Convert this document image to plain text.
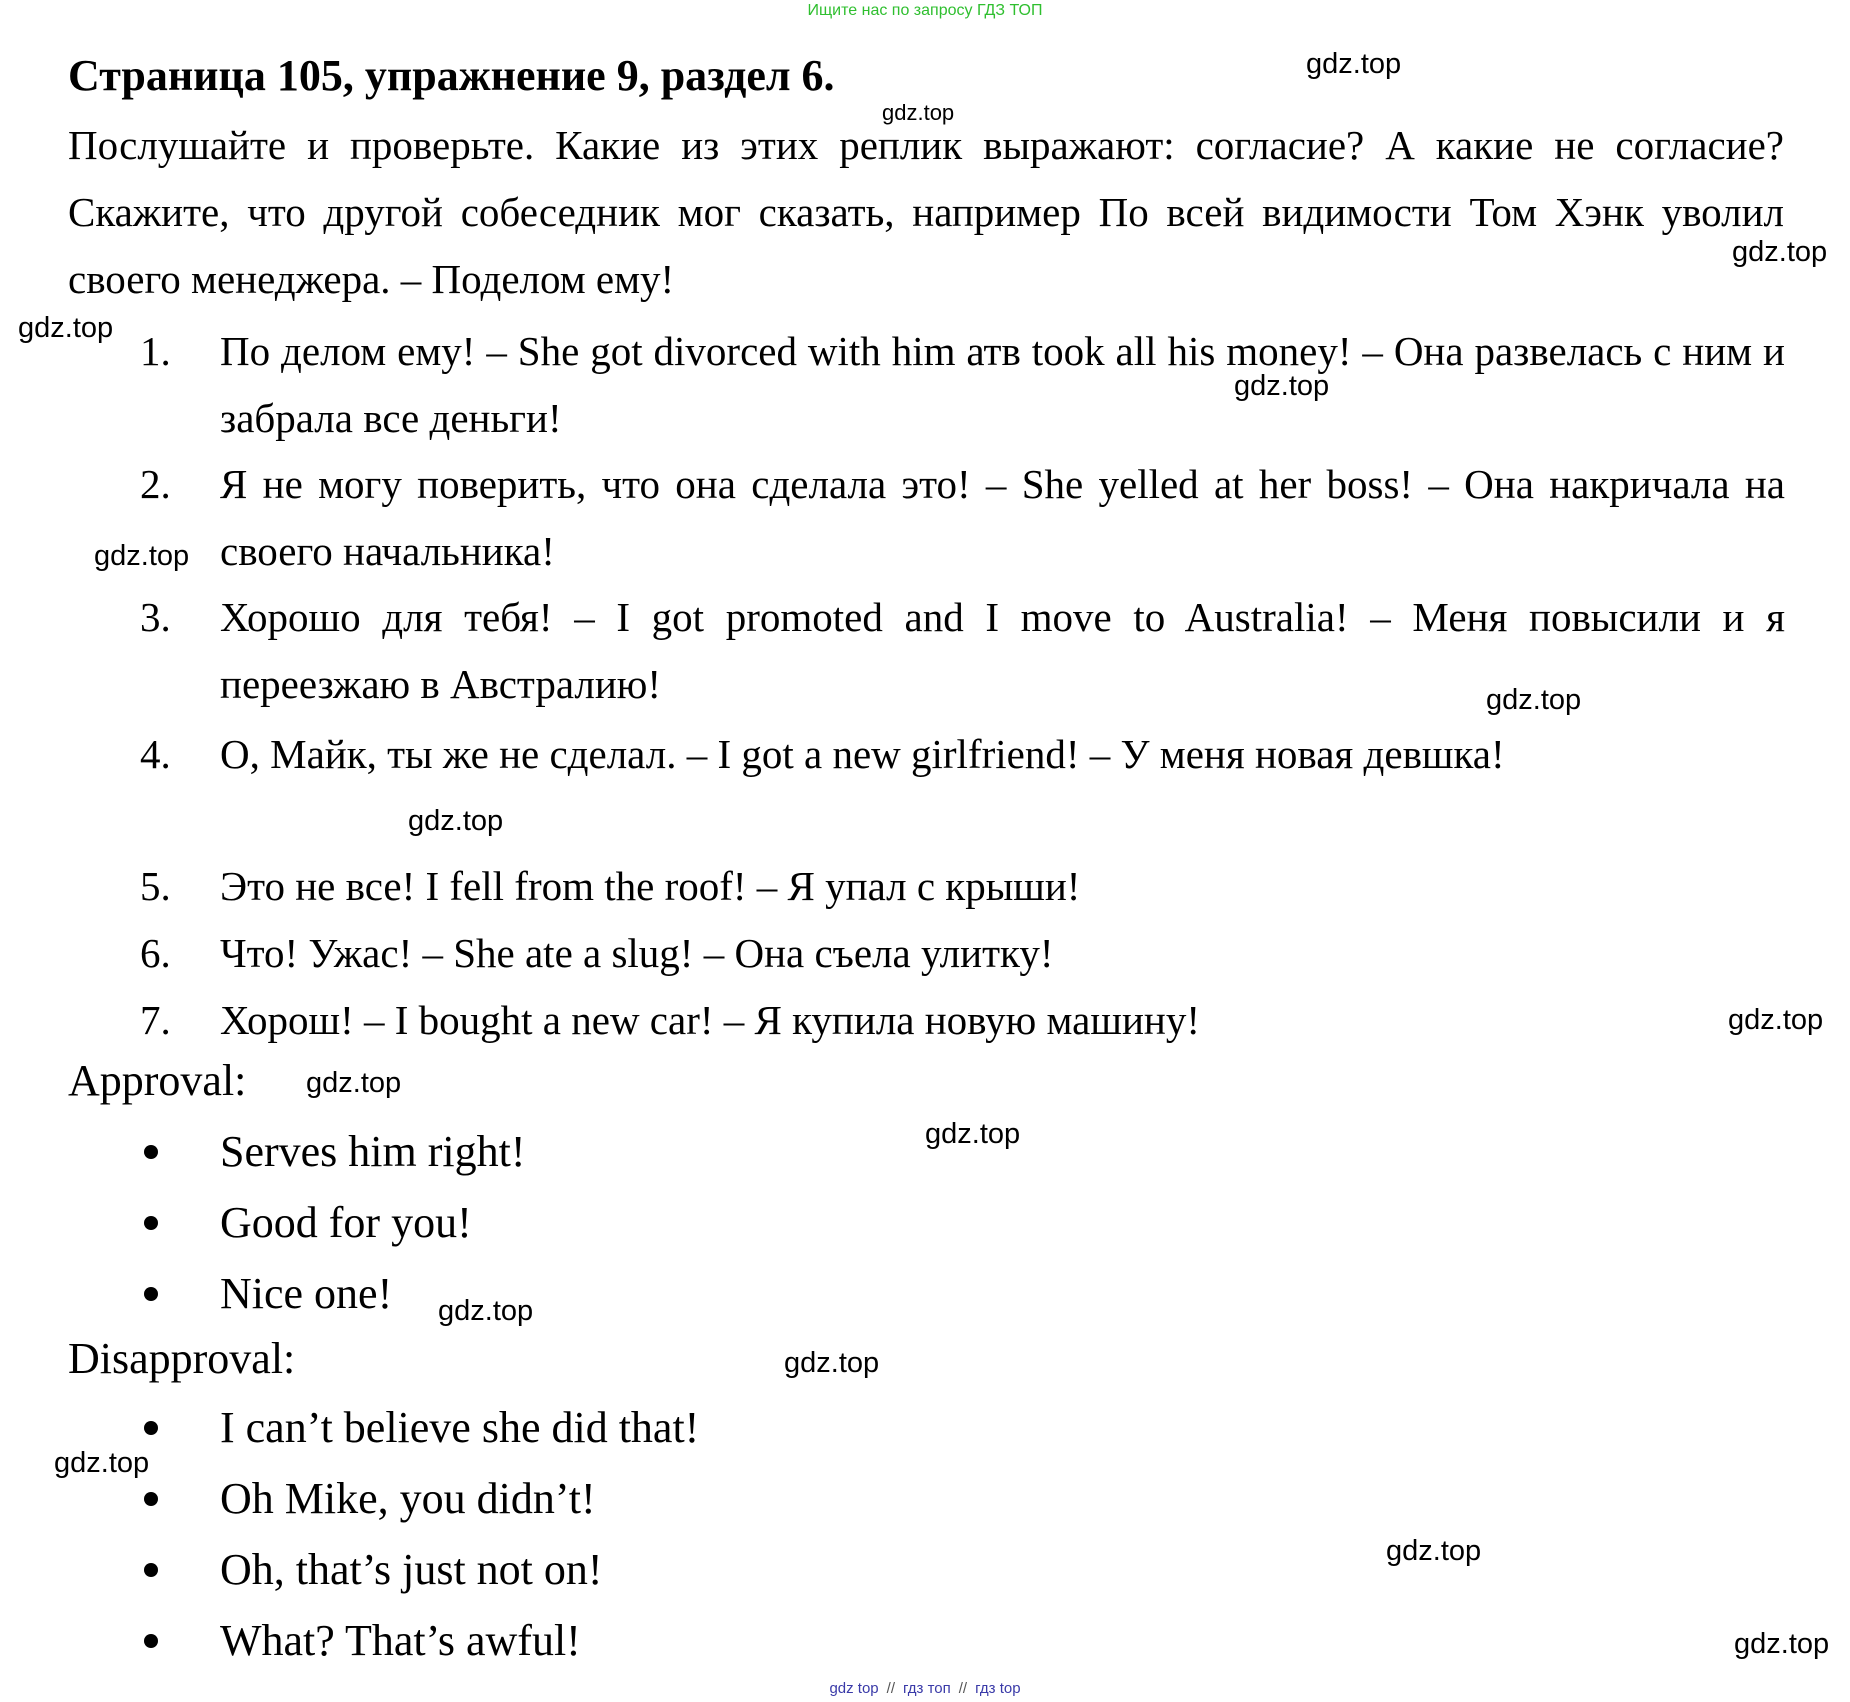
Ищите нас по запросу ГДЗ ТОП
Страница 105, упражнение 9, раздел 6.

Послушайте и проверьте. Какие из этих реплик выражают: согласие? А какие не согласие? Скажите, что другой собеседник мог сказать, например По всей видимости Том Хэнк уволил своего менеджера. – Поделом ему!

1.	По делом ему! – She got divorced with him атв took all his money! – Она развелась с ним и забрала все деньги!
2.	Я не могу поверить, что она сделала это! – She yelled at her boss! – Она накричала на своего начальника!
3.	Хорошо для тебя! – I got promoted and I move to Australia! – Меня повысили и я переезжаю в Австралию!
4.	О, Майк, ты же не сделал. – I got a new girlfriend! – У меня новая девшка!
5.	Это не все! I fell from the roof! – Я упал с крыши!
6.	Что! Ужас! – She ate a slug! – Она съела улитку!
7.	Хорош! – I bought a new car! – Я купила новую машину!
Approval:
Serves him right!
Good for you!
Nice one!
Disapproval:
I can’t believe she did that!
Oh Mike, you didn’t!
Oh, that’s just not on!
What? That’s awful!
gdz.top
gdz.top
gdz.top
gdz.top
gdz.top
gdz.top
gdz.top
gdz.top
gdz.top
gdz.top
gdz.top
gdz.top
gdz.top
gdz.top
gdz.top
gdz.top
gdz top // гдз топ // гдз top
